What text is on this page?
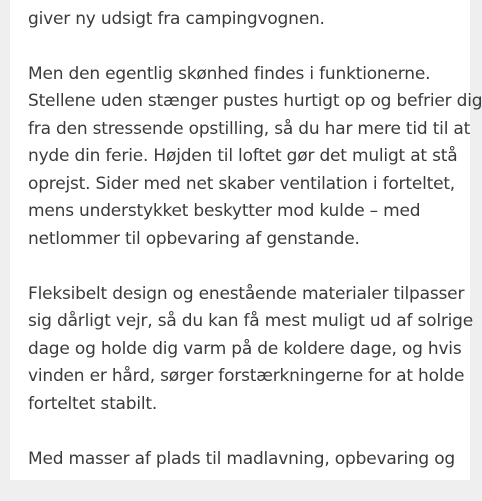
giver ny udsigt fra campingvognen.

Men den egentlig skønhed findes i funktionerne.
Stellene uden stænger pustes hurtigt op og befrier dig
fra den stressende opstilling, så du har mere tid til at
nyde din ferie. Højden til loftet gør det muligt at stå
oprejst. Sider med net skaber ventilation i forteltet,
mens understykket beskytter mod kulde – med
netlommer til opbevaring af genstande.

Fleksibelt design og enestående materialer tilpasser
sig dårligt vejr, så du kan få mest muligt ud af solrige
dage og holde dig varm på de koldere dage, og hvis
vinden er hård, sørger forstærkningerne for at holde
forteltet stabilt.

Med masser af plads til madlavning, opbevaring og
